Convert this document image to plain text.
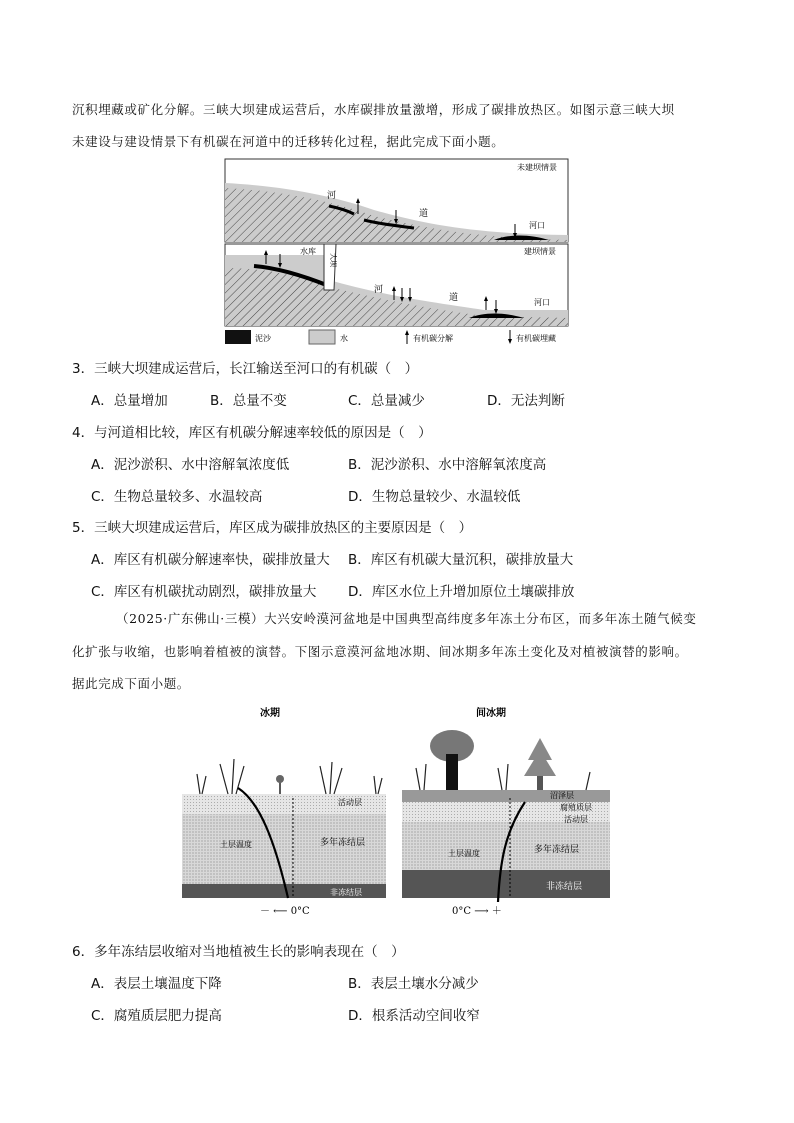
沉积埋藏或矿化分解。三峡大坝建成运营后，水库碳排放量激增，形成了碳排放热区。如图示意三峡大坝
未建设与建设情景下有机碳在河道中的迁移转化过程，据此完成下面小题。
未建坝情景
河
道
河口
建坝情景
水库
大坝
河
道	河口
泥沙	水	有机碳分解	有机碳埋藏
3．三峡大坝建成运营后，长江输送至河口的有机碳（　）
A．总量增加	B．总量不变	C．总量减少	D．无法判断
4．与河道相比较，库区有机碳分解速率较低的原因是（　）
A．泥沙淤积、水中溶解氧浓度低	B．泥沙淤积、水中溶解氧浓度高
C．生物总量较多、水温较高	D．生物总量较少、水温较低
5．三峡大坝建成运营后，库区成为碳排放热区的主要原因是（　）
A．库区有机碳分解速率快，碳排放量大 B．库区有机碳大量沉积，碳排放量大
C．库区有机碳扰动剧烈，碳排放量大 D．库区水位上升增加原位土壤碳排放
（2025·广东佛山·三模）大兴安岭漠河盆地是中国典型高纬度多年冻土分布区，而多年冻土随气候变
化扩张与收缩，也影响着植被的演替。下图示意漠河盆地冰期、间冰期多年冻土变化及对植被演替的影响。
据此完成下面小题。
冰期	间冰期
活动层
多年冻结层
非冻结层
土层温度
－ ⟵ 0°C
沼泽层
腐殖质层
活动层
多年冻结层
非冻结层
土层温度
0°C ⟶ ＋
6．多年冻结层收缩对当地植被生长的影响表现在（　）
A．表层土壤温度下降	B．表层土壤水分减少
C．腐殖质层肥力提高	D．根系活动空间收窄
